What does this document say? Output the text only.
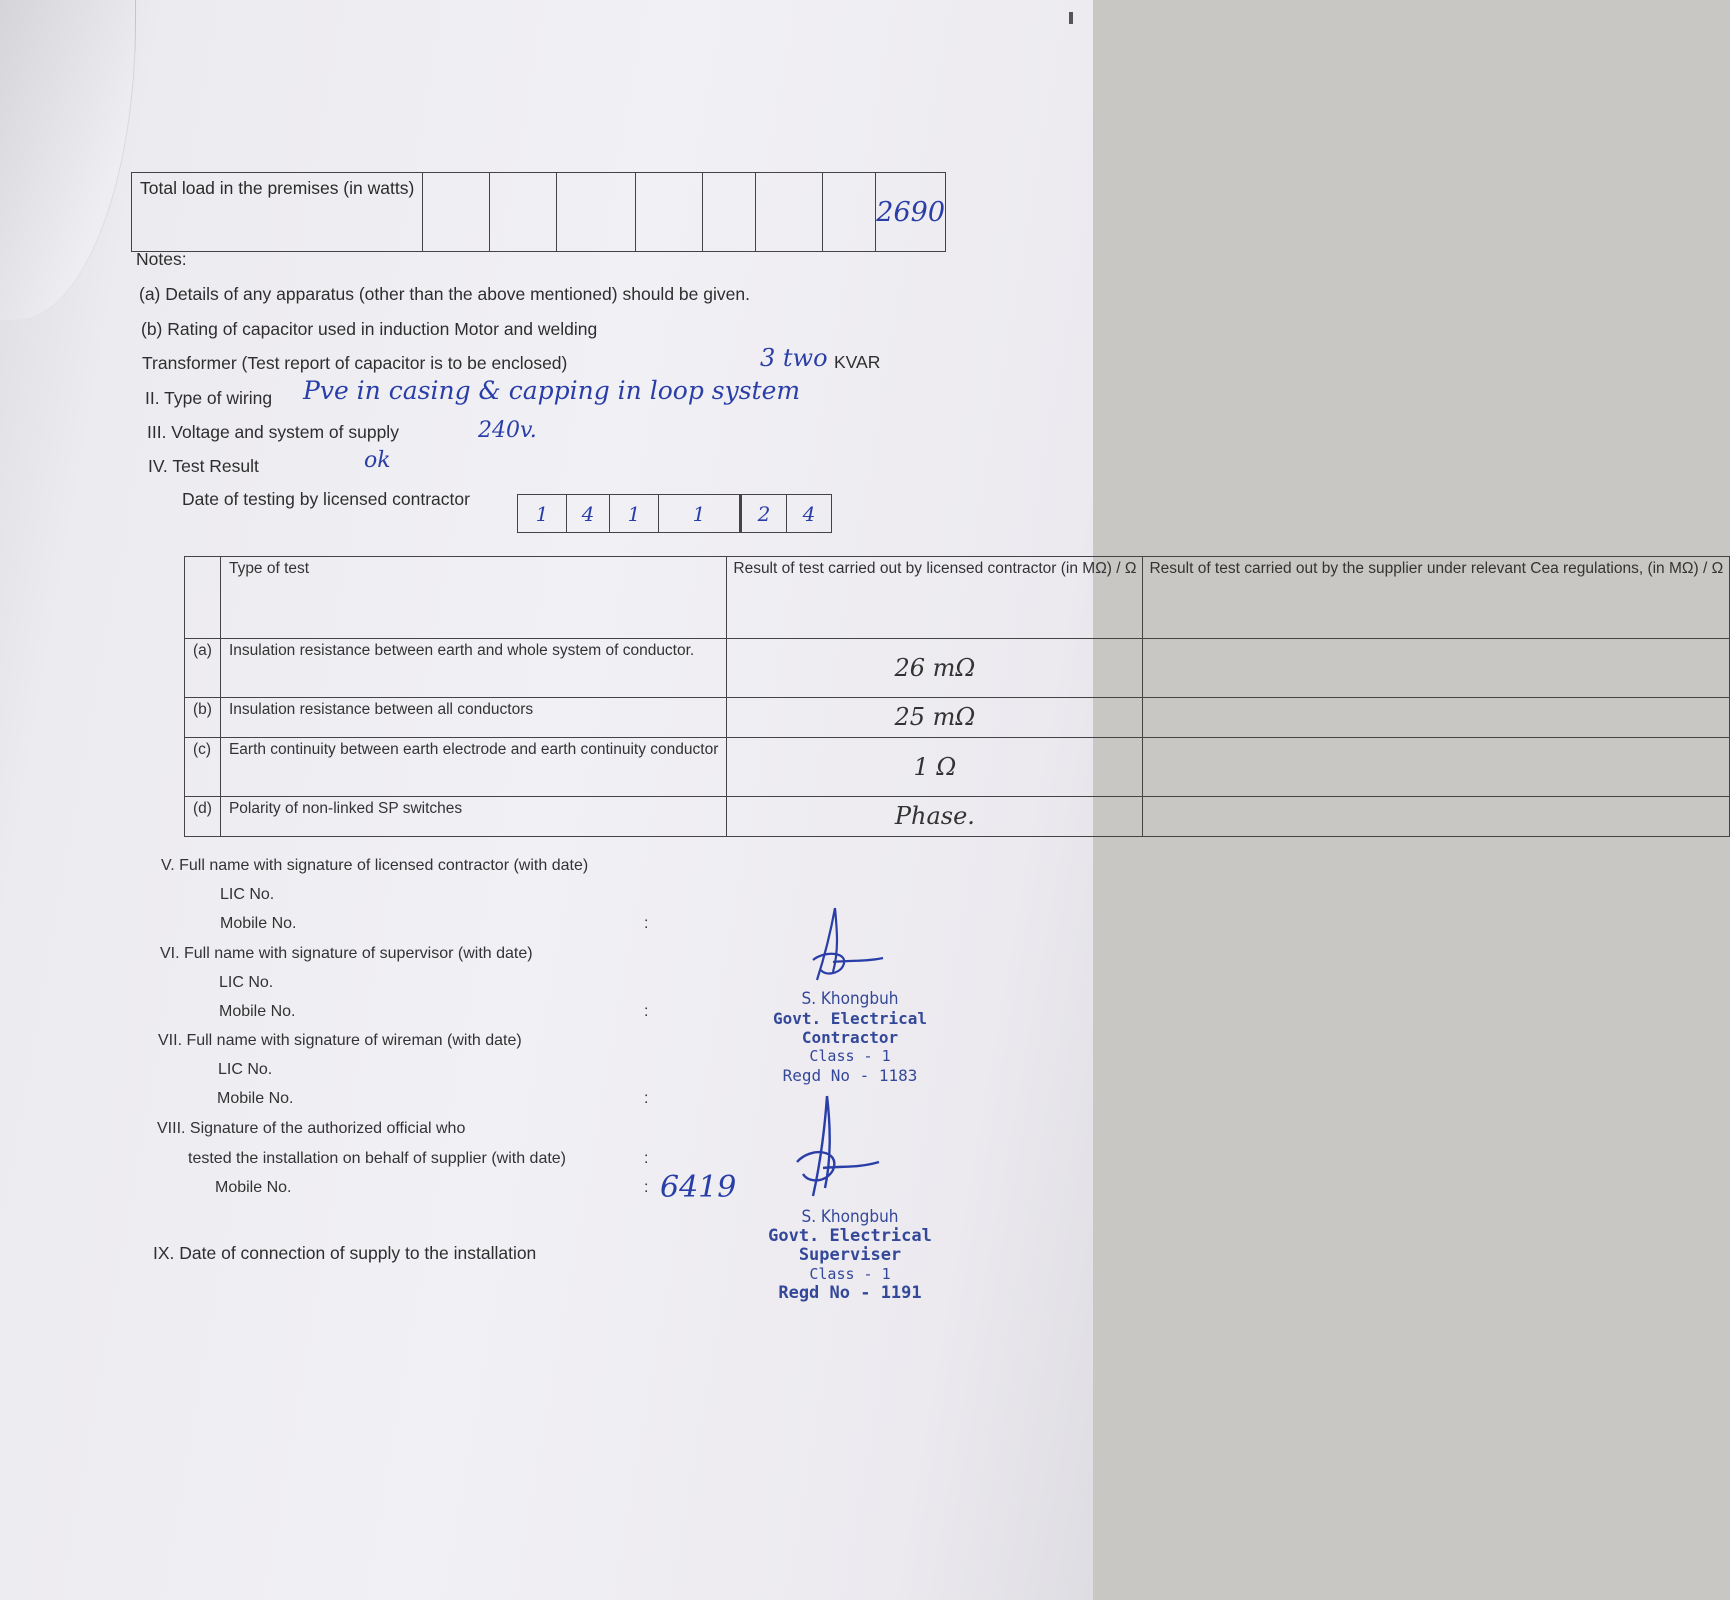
Total load in the premises (in watts)								2690
Notes:
(a) Details of any apparatus (other than the above mentioned) should be given.
(b) Rating of capacitor used in induction Motor and welding
Transformer (Test report of capacitor is to be enclosed)	3 two KVAR
II. Type of wiring Pve in casing & capping in loop system
III. Voltage and system of supply	240v.
IV. Test Result	ok
Date of testing by licensed contractor
1	4	1	1			2	4
	Type of test	Result of test carried out by licensed contractor (in MΩ) / Ω	Result of test carried out by the supplier under relevant Cea regulations, (in MΩ) / Ω
(a)	Insulation resistance between earth and whole system of conductor.	26 mΩ	
(b)	Insulation resistance between all conductors	25 mΩ	
(c)	Earth continuity between earth electrode and earth continuity conductor	1 Ω	
(d)	Polarity of non-linked SP switches	Phase.	
V. Full name with signature of licensed contractor (with date)
LIC No.
Mobile No.	:
VI. Full name with signature of supervisor (with date)
LIC No.
Mobile No.	:
VII. Full name with signature of wireman (with date)
LIC No.
Mobile No.	:
VIII. Signature of the authorized official who
tested the installation on behalf of supplier (with date)	:
Mobile No.	: 6419
IX. Date of connection of supply to the installation
S. Khongbuh
Govt. Electrical Contractor
Class - 1
Regd No - 1183
S. Khongbuh
Govt. Electrical Superviser
Class - 1
Regd No - 1191
